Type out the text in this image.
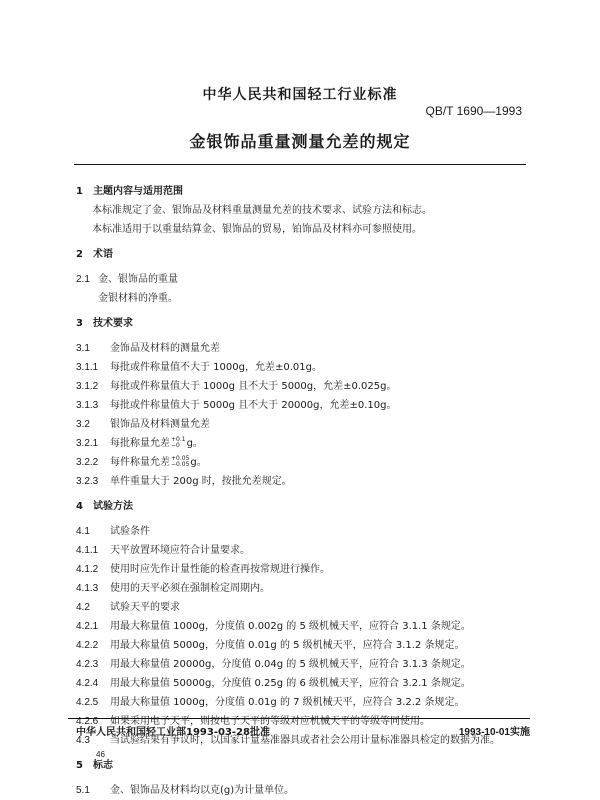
中华人民共和国轻工行业标准
QB/T 1690—1993
金银饰品重量测量允差的规定
1　主题内容与适用范围
本标准规定了金、银饰品及材料重量测量允差的技术要求、试验方法和标志。
本标准适用于以重量结算金、银饰品的贸易，铂饰品及材料亦可参照使用。
2　术语
2.1 金、银饰品的重量
金银材料的净重。
3　技术要求
3.1 金饰品及材料的测量允差
3.1.1 每批或件称量值不大于 1000g，允差±0.01g。
3.1.2 每批或件称量值大于 1000g 且不大于 5000g，允差±0.025g。
3.1.3 每批或件称量值大于 5000g 且不大于 20000g，允差±0.10g。
3.2 银饰品及材料测量允差
3.2.1 每批称量允差 +0.1
−0 g。
3.2.2 每件称量允差 +0.05
−0.05 g。
3.2.3 单件重量大于 200g 时，按批允差规定。
4　试验方法
4.1 试验条件
4.1.1 天平放置环境应符合计量要求。
4.1.2 使用时应先作计量性能的检查再按常规进行操作。
4.1.3 使用的天平必须在强制检定周期内。
4.2 试验天平的要求
4.2.1 用最大称量值 1000g，分度值 0.002g 的 5 级机械天平，应符合 3.1.1 条规定。
4.2.2 用最大称量值 5000g，分度值 0.01g 的 5 级机械天平，应符合 3.1.2 条规定。
4.2.3 用最大称量值 20000g，分度值 0.04g 的 5 级机械天平，应符合 3.1.3 条规定。
4.2.4 用最大称量值 50000g，分度值 0.25g 的 6 级机械天平，应符合 3.2.1 条规定。
4.2.5 用最大称量值 1000g，分度值 0.01g 的 7 级机械天平，应符合 3.2.2 条规定。
4.2.6 如果采用电子天平，则按电子天平的等级对应机械天平的等级等同使用。
4.3 当试验结果有争议时，以国家计量基准器具或者社会公用计量标准器具检定的数据为准。
5　标志
5.1 金、银饰品及材料均以克(g)为计量单位。
中华人民共和国轻工业部1993-03-28批准	1993-10-01实施
46
